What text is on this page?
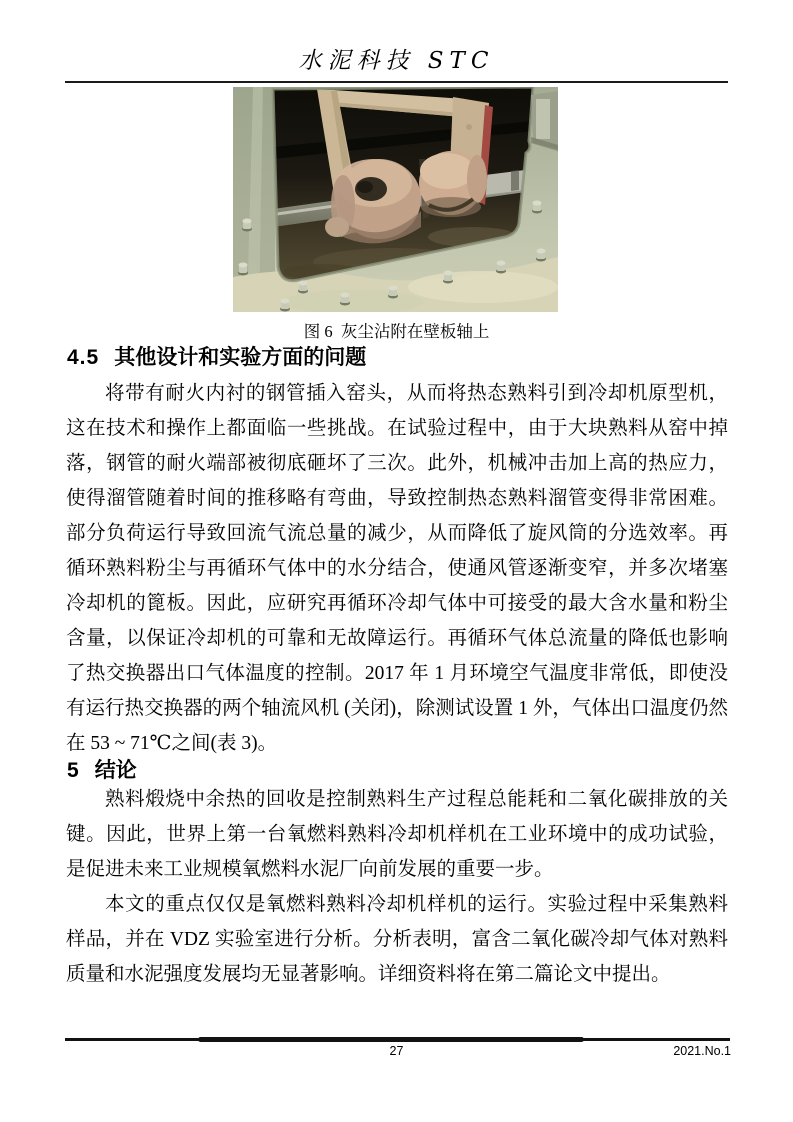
水泥科技 STC
图 6  灰尘沾附在壁板轴上
4.5 其他设计和实验方面的问题

将带有耐火内衬的钢管插入窑头，从而将热态熟料引到冷却机原型机，这在技术和操作上都面临一些挑战。在试验过程中，由于大块熟料从窑中掉落，钢管的耐火端部被彻底砸坏了三次。此外，机械冲击加上高的热应力，使得溜管随着时间的推移略有弯曲，导致控制热态熟料溜管变得非常困难。部分负荷运行导致回流气流总量的减少，从而降低了旋风筒的分选效率。再循环熟料粉尘与再循环气体中的水分结合，使通风管逐渐变窄，并多次堵塞冷却机的篦板。因此，应研究再循环冷却气体中可接受的最大含水量和粉尘含量，以保证冷却机的可靠和无故障运行。再循环气体总流量的降低也影响了热交换器出口气体温度的控制。2017 年 1 月环境空气温度非常低，即使没有运行热交换器的两个轴流风机 (关闭)，除测试设置 1 外，气体出口温度仍然在 53 ~ 71℃之间(表 3)。

5 结论

熟料煅烧中余热的回收是控制熟料生产过程总能耗和二氧化碳排放的关键。因此，世界上第一台氧燃料熟料冷却机样机在工业环境中的成功试验，是促进未来工业规模氧燃料水泥厂向前发展的重要一步。

本文的重点仅仅是氧燃料熟料冷却机样机的运行。实验过程中采集熟料样品，并在 VDZ 实验室进行分析。分析表明，富含二氧化碳冷却气体对熟料质量和水泥强度发展均无显著影响。详细资料将在第二篇论文中提出。

27	2021.No.1
